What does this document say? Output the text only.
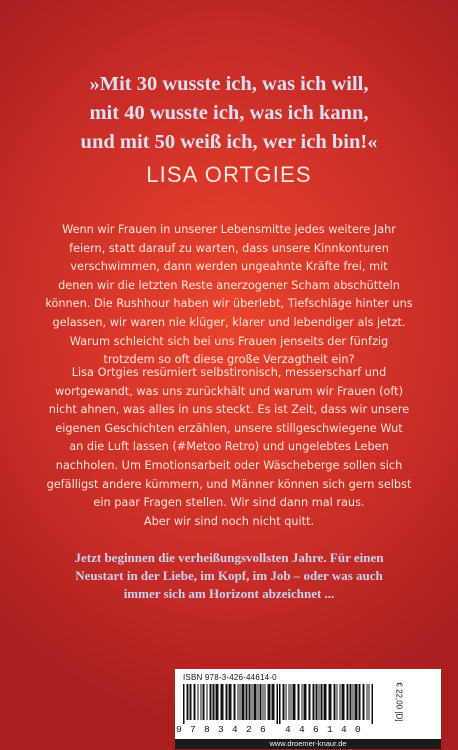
»Mit 30 wusste ich, was ich will,
mit 40 wusste ich, was ich kann,
und mit 50 weiß ich, wer ich bin!«
LISA ORTGIES
Wenn wir Frauen in unserer Lebensmitte jedes weitere Jahr
feiern, statt darauf zu warten, dass unsere Kinnkonturen
verschwimmen, dann werden ungeahnte Kräfte frei, mit
denen wir die letzten Reste anerzogener Scham abschütteln
können. Die Rushhour haben wir überlebt, Tiefschläge hinter uns
gelassen, wir waren nie klüger, klarer und lebendiger als jetzt.
Warum schleicht sich bei uns Frauen jenseits der fünfzig
trotzdem so oft diese große Verzagtheit ein?
Lisa Ortgies resümiert selbstironisch, messerscharf und
wortgewandt, was uns zurückhält und warum wir Frauen (oft)
nicht ahnen, was alles in uns steckt. Es ist Zeit, dass wir unsere
eigenen Geschichten erzählen, unsere stillgeschwiegene Wut
an die Luft lassen (#Metoo Retro) und ungelebtes Leben
nachholen. Um Emotionsarbeit oder Wäscheberge sollen sich
gefälligst andere kümmern, und Männer können sich gern selbst
ein paar Fragen stellen. Wir sind dann mal raus.
Aber wir sind noch nicht quitt.
Jetzt beginnen die verheißungsvollsten Jahre. Für einen
Neustart in der Liebe, im Kopf, im Job – oder was auch
immer sich am Horizont abzeichnet ...
ISBN 978-3-426-44614-0
9 7 8 3 4 2 6 4 4 6 1 4 0
€ 22,00 [D]
www.droemer-knaur.de
